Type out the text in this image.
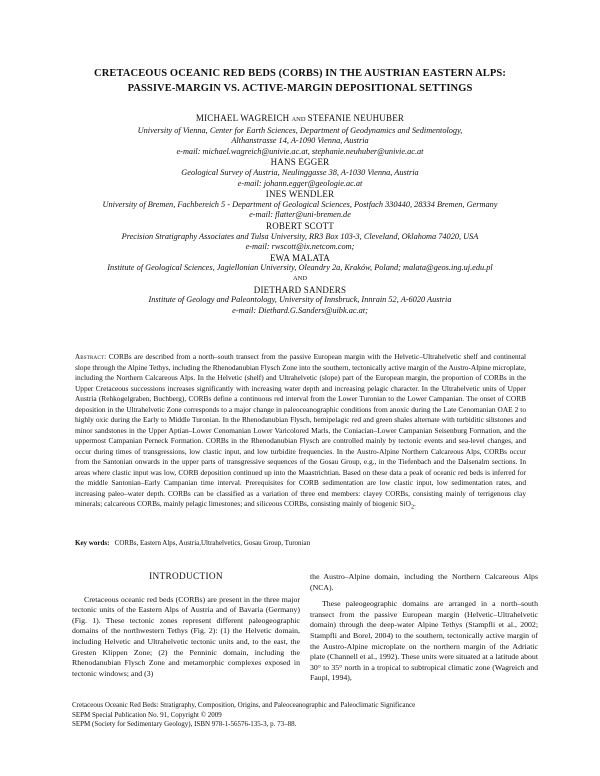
CRETACEOUS OCEANIC RED BEDS (CORBS) IN THE AUSTRIAN EASTERN ALPS:
PASSIVE-MARGIN VS. ACTIVE-MARGIN DEPOSITIONAL SETTINGS
MICHAEL WAGREICH AND STEFANIE NEUHUBER
University of Vienna, Center for Earth Sciences, Department of Geodynamics and Sedimentology,
Althanstrasse 14, A-1090 Vienna, Austria
e-mail: michael.wagreich@univie.ac.at, stephanie.neuhuber@univie.ac.at
HANS EGGER
Geological Survey of Austria, Neulinggasse 38, A-1030 Vienna, Austria
e-mail: johann.egger@geologie.ac.at
INES WENDLER
University of Bremen, Fachbereich 5 - Department of Geological Sciences, Postfach 330440, 28334 Bremen, Germany
e-mail: flatter@uni-bremen.de
ROBERT SCOTT
Precision Stratigraphy Associates and Tulsa University, RR3 Box 103-3, Cleveland, Oklahoma 74020, USA
e-mail: rwscott@ix.netcom.com;
EWA MALATA
Institute of Geological Sciences, Jagiellonian University, Oleandry 2a, Kraków, Poland; malata@geos.ing.uj.edu.pl
AND
DIETHARD SANDERS
Institute of Geology and Paleontology, University of Innsbruck, Innrain 52, A-6020 Austria
e-mail: Diethard.G.Sanders@uibk.ac.at;
Abstract: CORBs are described from a north–south transect from the passive European margin with the Helvetic–Ultrahelvetic shelf and continental slope through the Alpine Tethys, including the Rhenodanubian Flysch Zone into the southern, tectonically active margin of the Austro-Alpine microplate, including the Northern Calcareous Alps. In the Helvetic (shelf) and Ultrahelvetic (slope) part of the European margin, the proportion of CORBs in the Upper Cretaceous successions increases significantly with increasing water depth and increasing pelagic character. In the Ultrahelvetic units of Upper Austria (Rehkogelgraben, Buchberg), CORBs define a continuous red interval from the Lower Turonian to the Lower Campanian. The onset of CORB deposition in the Ultrahelvetic Zone corresponds to a major change in paleoceanographic conditions from anoxic during the Late Cenomanian OAE 2 to highly oxic during the Early to Middle Turonian. In the Rhenodanubian Flysch, hemipelagic red and green shales alternate with turbiditic siltstones and minor sandstones in the Upper Aptian–Lower Cenomanian Lower Varicolored Marls, the Coniacian–Lower Campanian Seisenburg Formation, and the uppermost Campanian Perneck Formation. CORBs in the Rhenodanubian Flysch are controlled mainly by tectonic events and sea-level changes, and occur during times of transgressions, low clastic input, and low turbidite frequencies. In the Austro-Alpine Northern Calcareous Alps, CORBs occur from the Santonian onwards in the upper parts of transgressive sequences of the Gosau Group, e.g., in the Tiefenbach and the Dalsenalm sections. In areas where clastic input was low, CORB deposition continued up into the Maastrichtian. Based on these data a peak of oceanic red beds is inferred for the middle Santonian–Early Campanian time interval. Prerequisites for CORB sedimentation are low clastic input, low sedimentation rates, and increasing paleo–water depth. CORBs can be classified as a variation of three end members: clayey CORBs, consisting mainly of terrigenous clay minerals; calcareous CORBs, mainly pelagic limestones; and siliceous CORBs, consisting mainly of biogenic SiO$_2$.
Key words: CORBs, Eastern Alps, Austria,Ultrahelvetics, Gosau Group, Turonian
INTRODUCTION

Cretaceous oceanic red beds (CORBs) are present in the three major tectonic units of the Eastern Alps of Austria and of Bavaria (Germany) (Fig. 1). These tectonic zones represent different paleogeographic domains of the northwestern Tethys (Fig. 2): (1) the Helvetic domain, including Helvetic and Ultrahelvetic tectonic units and, to the east, the Gresten Klippen Zone; (2) the Penninic domain, including the Rhenodanubian Flysch Zone and metamorphic complexes exposed in tectonic windows; and (3)

the Austro–Alpine domain, including the Northern Calcareous Alps (NCA).

These paleogeographic domains are arranged in a north–south transect from the passive European margin (Helvetic–Ultrahelvetic domain) through the deep-water Alpine Tethys (Stampfli et al., 2002; Stampfli and Borel, 2004) to the southern, tectonically active margin of the Austro-Alpine microplate on the northern margin of the Adriatic plate (Channell et al., 1992). These units were situated at a latitude about 30° to 35° north in a tropical to subtropical climatic zone (Wagreich and Faupl, 1994),

Cretaceous Oceanic Red Beds: Stratigraphy, Composition, Origins, and Paleoceanographic and Paleoclimatic Significance
SEPM Special Publication No. 91, Copyright © 2009
SEPM (Society for Sedimentary Geology), ISBN 978-1-56576-135-3, p. 73–88.
